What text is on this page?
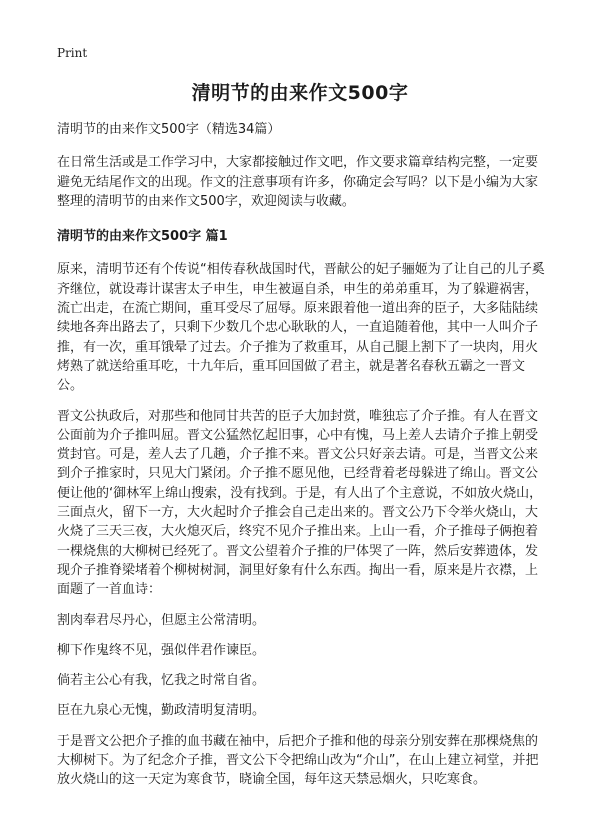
Print
清明节的由来作文500字

清明节的由来作文500字（精选34篇）

在日常生活或是工作学习中，大家都接触过作文吧，作文要求篇章结构完整，一定要避免无结尾作文的出现。作文的注意事项有许多，你确定会写吗？以下是小编为大家整理的清明节的由来作文500字，欢迎阅读与收藏。

清明节的由来作文500字 篇1

原来，清明节还有个传说“相传春秋战国时代，晋献公的妃子骊姬为了让自己的儿子奚齐继位，就设毒计谋害太子申生，申生被逼自杀，申生的弟弟重耳，为了躲避祸害，流亡出走，在流亡期间，重耳受尽了屈辱。原来跟着他一道出奔的臣子，大多陆陆续续地各奔出路去了，只剩下少数几个忠心耿耿的人，一直追随着他，其中一人叫介子推，有一次，重耳饿晕了过去。介子推为了救重耳，从自己腿上割下了一块肉，用火烤熟了就送给重耳吃，十九年后，重耳回国做了君主，就是著名春秋五霸之一晋文公。

晋文公执政后，对那些和他同甘共苦的臣子大加封赏，唯独忘了介子推。有人在晋文公面前为介子推叫屈。晋文公猛然忆起旧事，心中有愧，马上差人去请介子推上朝受赏封官。可是，差人去了几趟，介子推不来。晋文公只好亲去请。可是，当晋文公来到介子推家时，只见大门紧闭。介子推不愿见他，已经背着老母躲进了绵山。晋文公便让他的‘御林军上绵山搜索，没有找到。于是，有人出了个主意说，不如放火烧山，三面点火，留下一方，大火起时介子推会自己走出来的。晋文公乃下令举火烧山，大火烧了三天三夜，大火熄灭后，终究不见介子推出来。上山一看，介子推母子俩抱着一棵烧焦的大柳树已经死了。晋文公望着介子推的尸体哭了一阵，然后安葬遗体，发现介子推脊梁堵着个柳树树洞，洞里好象有什么东西。掏出一看，原来是片衣襟，上面题了一首血诗：

割肉奉君尽丹心，但愿主公常清明。

柳下作鬼终不见，强似伴君作谏臣。

倘若主公心有我，忆我之时常自省。

臣在九泉心无愧，勤政清明复清明。

于是晋文公把介子推的血书藏在袖中，后把介子推和他的母亲分别安葬在那棵烧焦的大柳树下。为了纪念介子推，晋文公下令把绵山改为“介山”，在山上建立祠堂，并把放火烧山的这一天定为寒食节，晓谕全国，每年这天禁忌烟火，只吃寒食。
